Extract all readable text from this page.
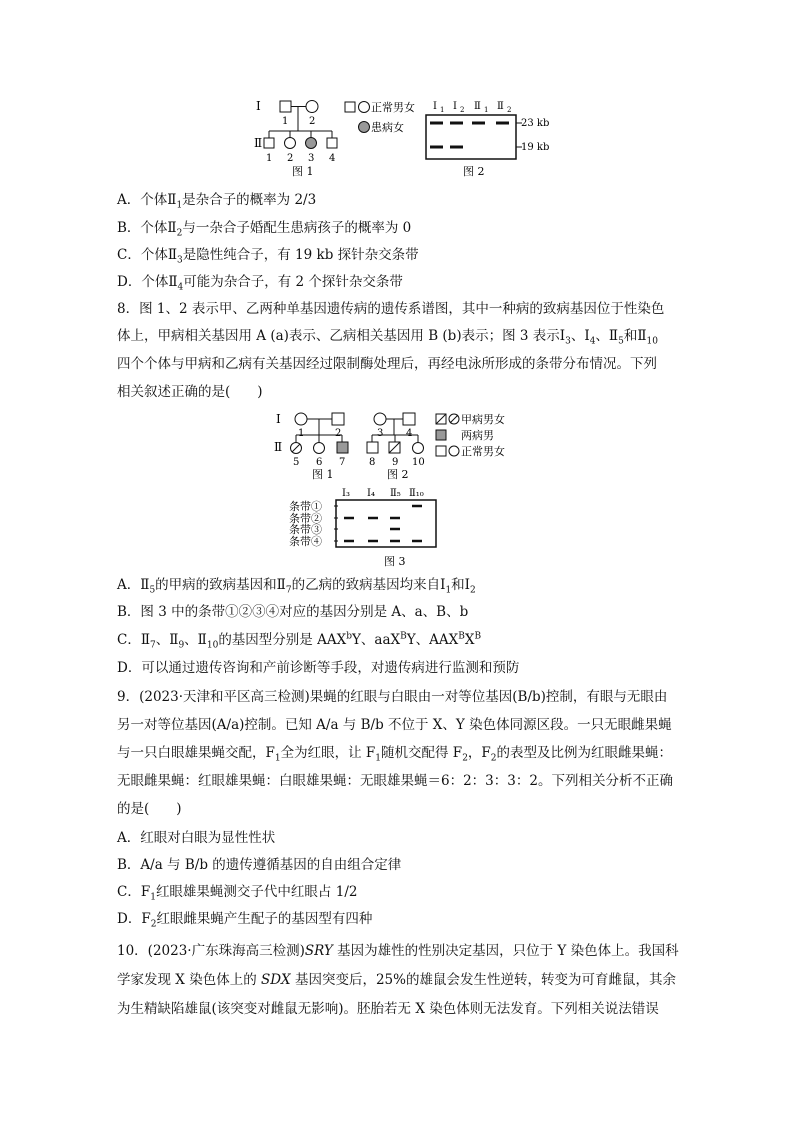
Ⅰ
Ⅱ
1 2
1 2 3 4
图 1
正常男女
患病女
Ⅰ 1 Ⅰ 2 Ⅱ 1 Ⅱ 2
23 kb
19 kb
图 2
A．个体$Ⅱ_1$是杂合子的概率为 2/3
B．个体$Ⅱ_2$与一杂合子婚配生患病孩子的概率为 0
C．个体$Ⅱ_3$是隐性纯合子，有 19 kb 探针杂交条带
D．个体$Ⅱ_4$可能为杂合子，有 2 个探针杂交条带
8．图 1、2 表示甲、乙两种单基因遗传病的遗传系谱图，其中一种病的致病基因位于性染色
体上，甲病相关基因用 A (a)表示、乙病相关基因用 B (b)表示；图 3 表示$Ⅰ_3$、$Ⅰ_4$、$Ⅱ_5$和$Ⅱ_{10}$
四个个体与甲病和乙病有关基因经过限制酶处理后，再经电泳所形成的条带分布情况。下列
相关叙述正确的是(　　)
Ⅰ
Ⅱ
1	2
5 6 7
图 1
3 4
8 9 10
图 2
甲病男女
两病男
正常男女
Ⅰ₃ Ⅰ₄ Ⅱ₅ Ⅱ₁₀
条带①
条带②
条带③
条带④
图 3
A．$Ⅱ_5$的甲病的致病基因和$Ⅱ_7$的乙病的致病基因均来自$Ⅰ_1$和$Ⅰ_2$
B．图 3 中的条带①②③④对应的基因分别是 A、a、B、b
C．$Ⅱ_7$、$Ⅱ_9$、$Ⅱ_{10}$的基因型分别是 AAX$^b$Y、aaX$^B$Y、$AAX^BX^B$
D．可以通过遗传咨询和产前诊断等手段，对遗传病进行监测和预防
9．(2023·天津和平区高三检测)果蝇的红眼与白眼由一对等位基因(B/b)控制，有眼与无眼由
另一对等位基因(A/a)控制。已知 A/a 与 B/b 不位于 X、Y 染色体同源区段。一只无眼雌果蝇
与一只白眼雄果蝇交配，$F_1$全为红眼，让 $F_1$随机交配得 $F_2$，$F_2$的表型及比例为红眼雌果蝇：
无眼雌果蝇：红眼雄果蝇：白眼雄果蝇：无眼雄果蝇＝6：2：3：3：2。下列相关分析不正确
的是(　　)
A．红眼对白眼为显性性状
B．A/a 与 B/b 的遗传遵循基因的自由组合定律
C．$F_1$红眼雄果蝇测交子代中红眼占 1/2
D．$F_2$红眼雌果蝇产生配子的基因型有四种
10．(2023·广东珠海高三检测)SRY 基因为雄性的性别决定基因，只位于 Y 染色体上。我国科
学家发现 X 染色体上的 SDX 基因突变后，25%的雄鼠会发生性逆转，转变为可育雌鼠，其余
为生精缺陷雄鼠(该突变对雌鼠无影响)。胚胎若无 X 染色体则无法发育。下列相关说法错误
